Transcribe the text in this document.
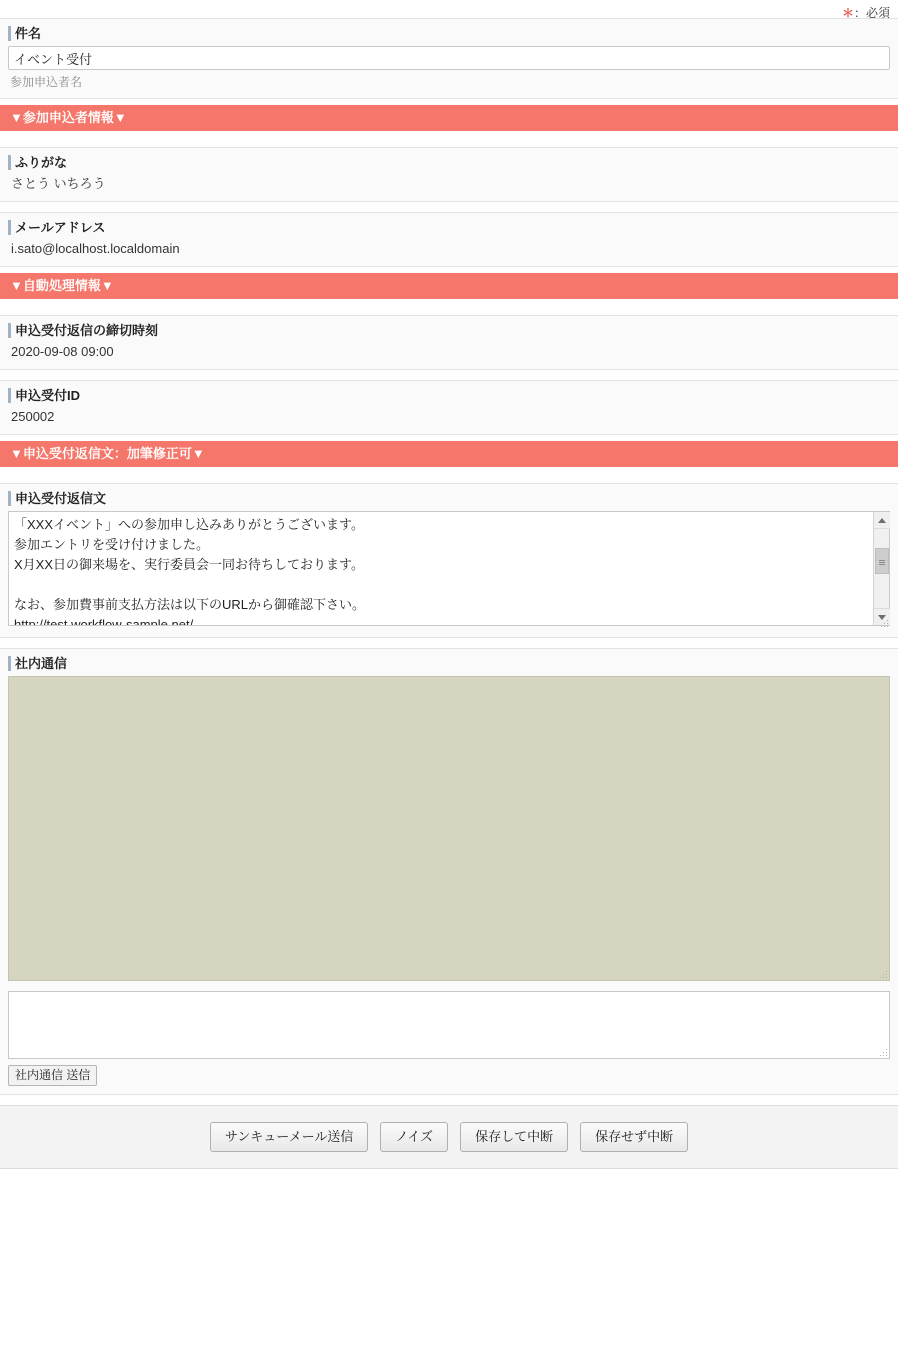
＊：必須
件名
イベント受付
参加申込者名
▼参加申込者情報▼
ふりがな
さとう いちろう
メールアドレス
i.sato@localhost.localdomain
▼自動処理情報▼
申込受付返信の締切時刻
2020-09-08 09:00
申込受付ID
250002
▼申込受付返信文：加筆修正可▼
申込受付返信文
「XXXイベント」への参加申し込みありがとうございます。 参加エントリを受け付けました。 X月XX日の御来場を、実行委員会一同お待ちしております。 なお、参加費事前支払方法は以下のURLから御確認下さい。 http://test.workflow-sample.net/
社内通信
社内通信 送信
サンキューメール送信	ノイズ	保存して中断	保存せず中断
